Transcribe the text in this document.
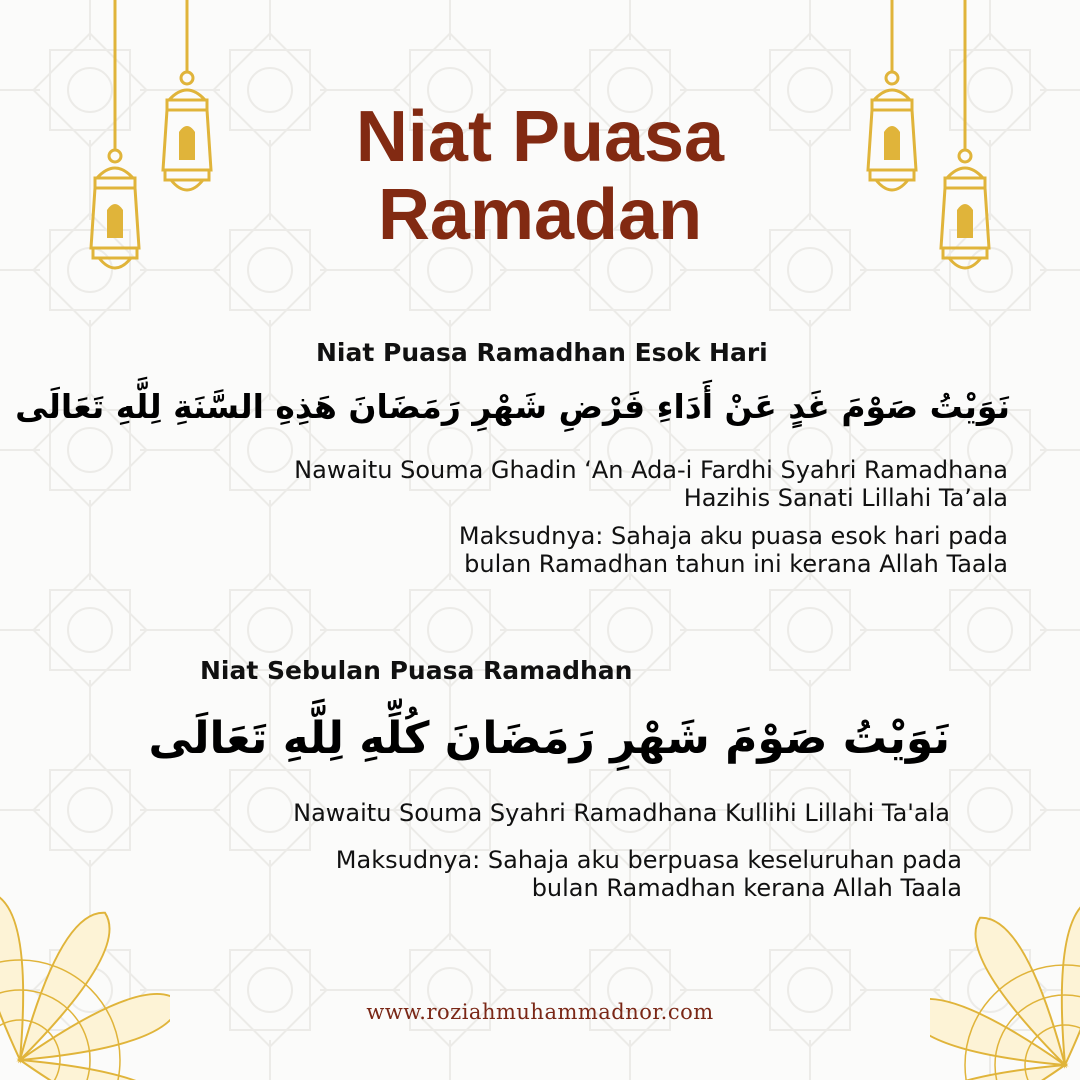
Niat Puasa
Ramadan
Niat Puasa Ramadhan Esok Hari
نَوَيْتُ صَوْمَ غَدٍ عَنْ أَدَاءِ فَرْضِ شَهْرِ رَمَضَانَ هَذِهِ السَّنَةِ لِلَّهِ تَعَالَى
Nawaitu Souma Ghadin ‘An Ada-i Fardhi Syahri Ramadhana
Hazihis Sanati Lillahi Ta’ala
Maksudnya: Sahaja aku puasa esok hari pada
bulan Ramadhan tahun ini kerana Allah Taala
Niat Sebulan Puasa Ramadhan
نَوَيْتُ صَوْمَ شَهْرِ رَمَضَانَ كُلِّهِ لِلَّهِ تَعَالَى
Nawaitu Souma Syahri Ramadhana Kullihi Lillahi Ta'ala
Maksudnya: Sahaja aku berpuasa keseluruhan pada
bulan Ramadhan kerana Allah Taala
www.roziahmuhammadnor.com
